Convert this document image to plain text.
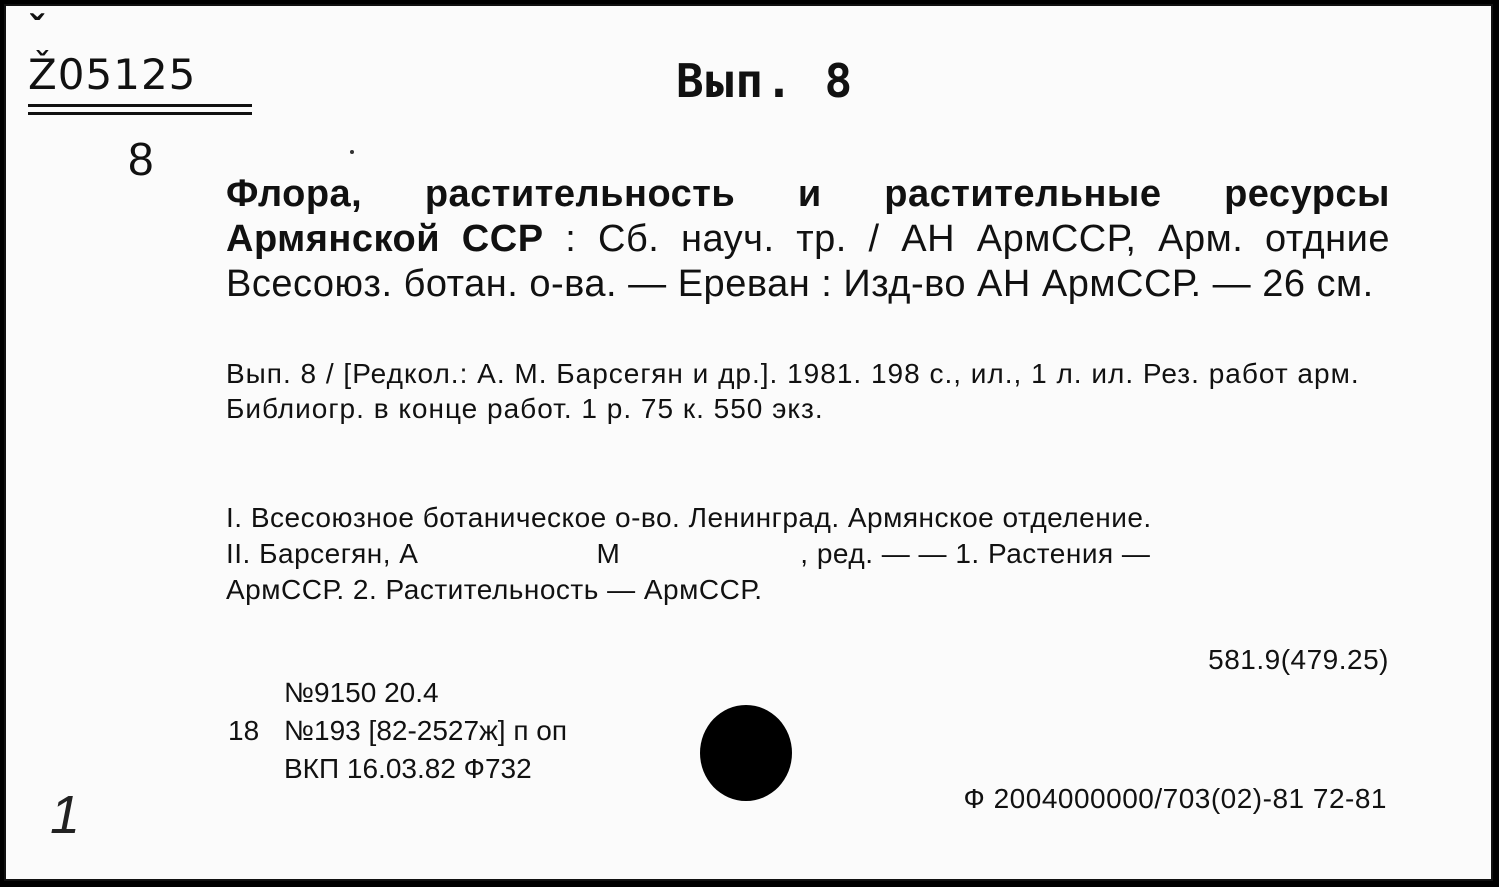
ˇ
Ž05125
8
Вып. 8
Флора, растительность и растительные ресурсы Армянской ССР : Сб. науч. тр. / АН АрмССР, Арм. отдние Всесоюз. ботан. о-ва. — Ереван : Изд-во АН АрмССР. — 26 см.
Вып. 8 / [Редкол.: А. М. Барсегян и др.]. 1981. 198 с., ил., 1 л. ил. Рез. работ арм. Библиогр. в конце работ. 1 р. 75 к. 550 экз.
I. Всесоюзное ботаническое о-во. Ленинград. Армянское отделение.
II. Барсегян, А	М	, ред. — — 1. Растения —
АрмССР. 2. Растительность — АрмССР.
581.9(479.25)
№9150 20.4
18 №193 [82-2527ж] п оп
ВКП 16.03.82 Ф732
Ф 2004000000/703(02)-81 72-81
1
